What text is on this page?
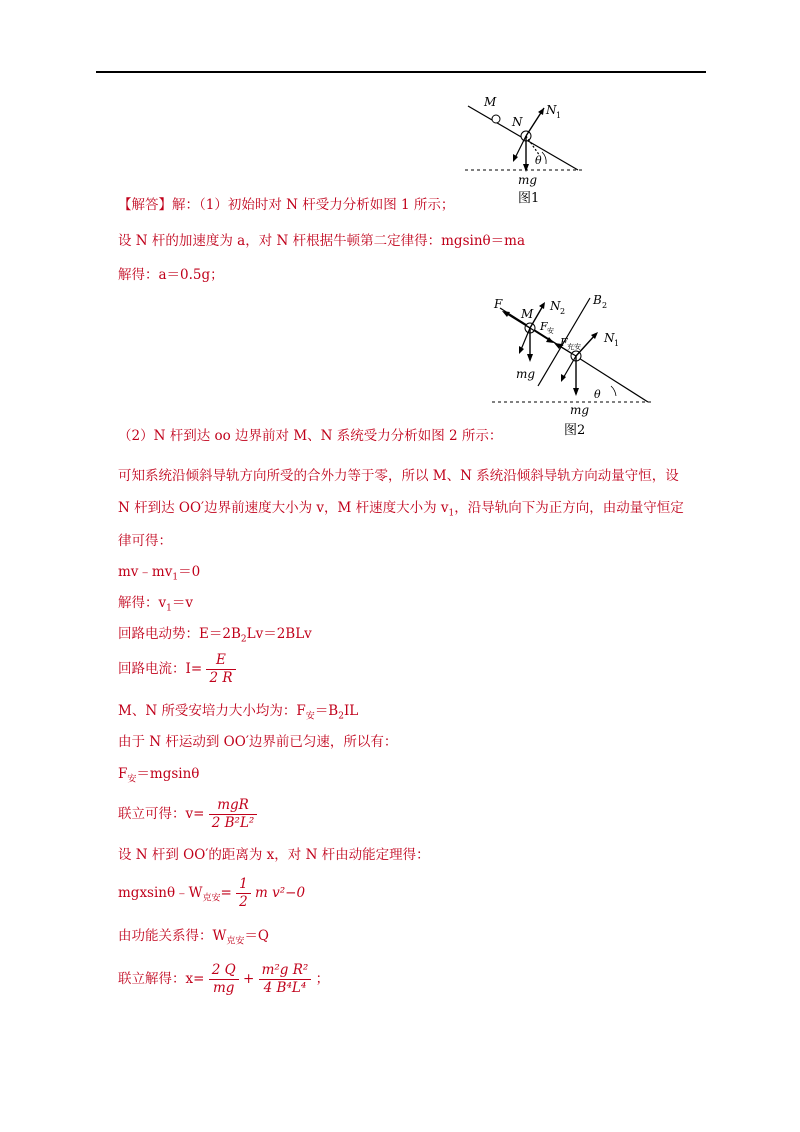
M
N
N 1
θ
mg
图1
【解答】解：（1）初始时对 N 杆受力分析如图 1 所示；
设 N 杆的加速度为 a，对 N 杆根据牛顿第二定律得：mgsinθ＝ma
解得：a＝0.5g；
F
M
N 2
B 2
F 安
F 充安
N 1
θ
mg
mg
图2
（2）N 杆到达 oo 边界前对 M、N 系统受力分析如图 2 所示：
可知系统沿倾斜导轨方向所受的合外力等于零，所以 M、N 系统沿倾斜导轨方向动量守恒，设
N 杆到达 OO′边界前速度大小为 v，M 杆速度大小为 $v_1$，沿导轨向下为正方向，由动量守恒定
律可得：
$mv﹣mv_1=0$
解得：$v_1=v$
回路电动势：$E=2B_2Lv=2BLv$
回路电流：$I= \frac{E}{2 R}$
M、N 所受安培力大小均为：$F_安=B_2IL$
由于 N 杆运动到 OO′边界前已匀速，所以有：
$F_安=mgsin\theta$
联立可得：$v= \frac{\text{mgR}}{\text{2 B²L²}}$
设 N 杆到 OO′的距离为 x，对 N 杆由动能定理得：
$mgxsin\theta﹣W_{克安}= \frac{1}{2}$ m v²−0
由功能关系得：$W_{克安}=Q$
联立解得：$x= \frac{2 Q}{mg} + \frac{\text{m²g R²}}{\text{4 B⁴L⁴}}$ ；
